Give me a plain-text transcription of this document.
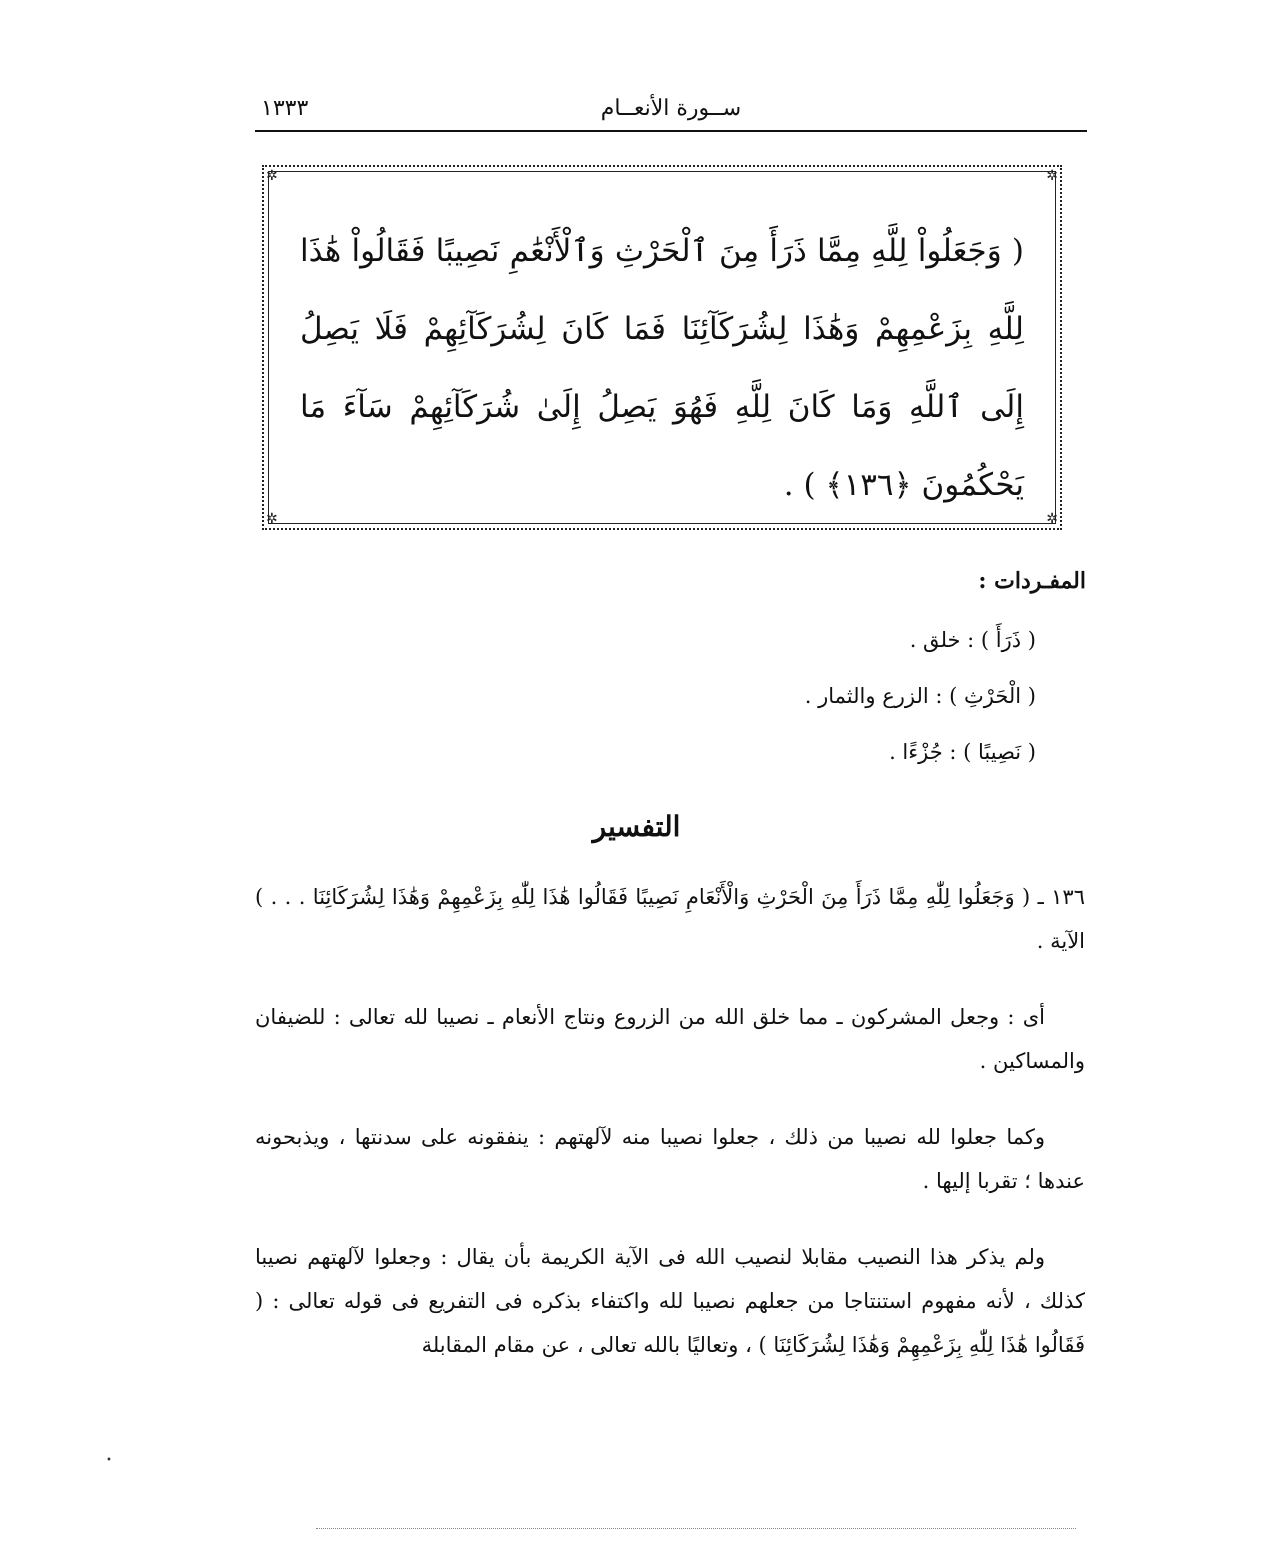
١٣٣٣	ســورة الأنعــام
✲	✲
✲	✲
( وَجَعَلُواْ لِلَّهِ مِمَّا ذَرَأَ مِنَ ٱلْحَرْثِ وَٱلْأَنْعَٰمِ نَصِيبًا فَقَالُواْ هَٰذَا لِلَّهِ بِزَعْمِهِمْ وَهَٰذَا لِشُرَكَآئِنَا فَمَا كَانَ لِشُرَكَآئِهِمْ فَلَا يَصِلُ إِلَى ٱللَّهِ وَمَا كَانَ لِلَّهِ فَهُوَ يَصِلُ إِلَىٰ شُرَكَآئِهِمْ سَآءَ مَا يَحْكُمُونَ ﴿١٣٦﴾ ) .
المفـردات :
( ذَرَأَ ) : خلق .
( الْحَرْثِ ) : الزرع والثمار .
( نَصِيبًا ) : جُزْءًا .
التفسير

١٣٦ ـ ( وَجَعَلُوا لِلّٰهِ مِمَّا ذَرَأَ مِنَ الْحَرْثِ وَالْأَنْعَامِ نَصِيبًا فَقَالُوا هَٰذَا لِلّٰهِ بِزَعْمِهِمْ وَهَٰذَا لِشُرَكَائِنَا . . . ) الآية .

أى : وجعل المشركون ـ مما خلق الله من الزروع ونتاج الأنعام ـ نصيبا لله تعالى : للضيفان والمساكين .

وكما جعلوا لله نصيبا من ذلك ، جعلوا نصيبا منه لآلهتهم : ينفقونه على سدنتها ، ويذبحونه عندها ؛ تقربا إليها .

ولم يذكر هذا النصيب مقابلا لنصيب الله فى الآية الكريمة بأن يقال : وجعلوا لآلهتهم نصيبا كذلك ، لأنه مفهوم استنتاجا من جعلهم نصيبا لله واكتفاء بذكره فى التفريع فى قوله تعالى : ( فَقَالُوا هَٰذَا لِلّٰهِ بِزَعْمِهِمْ وَهَٰذَا لِشُرَكَائِنَا ) ، وتعاليًا بالله تعالى ، عن مقام المقابلة

•
